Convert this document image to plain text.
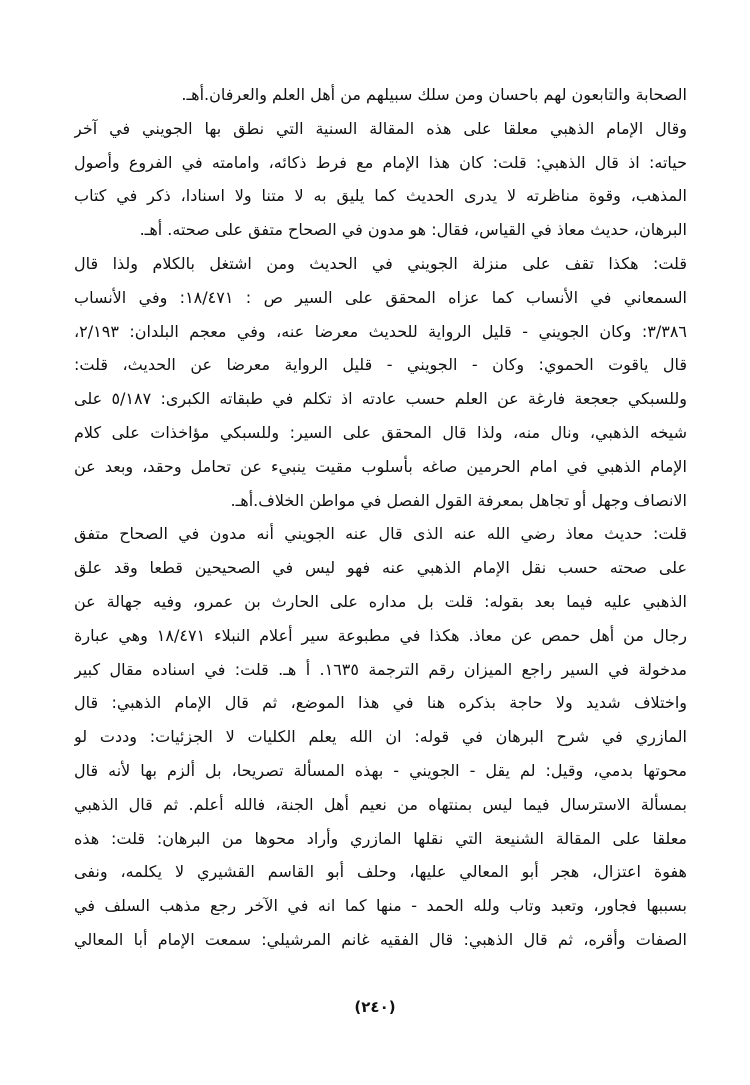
الصحابة والتابعون لهم باحسان ومن سلك سبيلهم من أهل العلم والعرفان.أهـ.
وقال الإمام الذهبي معلقا على هذه المقالة السنية التي نطق بها الجويني في آخر
حياته: اذ قال الذهبي: قلت: كان هذا الإمام مع فرط ذكائه، وامامته في الفروع وأصول
المذهب، وقوة مناظرته لا يدرى الحديث كما يليق به لا متنا ولا اسنادا، ذكر في كتاب
البرهان، حديث معاذ في القياس، فقال: هو مدون في الصحاح متفق على صحته. أهـ.
قلت: هكذا تقف على منزلة الجويني في الحديث ومن اشتغل بالكلام ولذا قال
السمعاني في الأنساب كما عزاه المحقق على السير ص : ١٨/٤٧١: وفي الأنساب
٣/٣٨٦: وكان الجويني - قليل الرواية للحديث معرضا عنه، وفي معجم البلدان: ٢/١٩٣،
قال ياقوت الحموي: وكان - الجويني - قليل الرواية معرضا عن الحديث، قلت:
وللسبكي جعجعة فارغة عن العلم حسب عادته اذ تكلم في طبقاته الكبرى: ٥/١٨٧ على
شيخه الذهبي، ونال منه، ولذا قال المحقق على السير: وللسبكي مؤاخذات على كلام
الإمام الذهبي في امام الحرمين صاغه بأسلوب مقيت ينبيء عن تحامل وحقد، وبعد عن
الانصاف وجهل أو تجاهل بمعرفة القول الفصل في مواطن الخلاف.أهـ.
قلت: حديث معاذ رضي الله عنه الذى قال عنه الجويني أنه مدون في الصحاح متفق
على صحته حسب نقل الإمام الذهبي عنه فهو ليس في الصحيحين قطعا وقد علق
الذهبي عليه فيما بعد بقوله: قلت بل مداره على الحارث بن عمرو، وفيه جهالة عن
رجال من أهل حمص عن معاذ. هكذا في مطبوعة سير أعلام النبلاء ١٨/٤٧١ وهي عبارة
مدخولة في السير راجع الميزان رقم الترجمة ١٦٣٥. أ هـ. قلت: في اسناده مقال كبير
واختلاف شديد ولا حاجة بذكره هنا في هذا الموضع، ثم قال الإمام الذهبي: قال
المازري في شرح البرهان في قوله: ان الله يعلم الكليات لا الجزئيات: وددت لو
محوتها بدمي، وقيل: لم يقل - الجويني - بهذه المسألة تصريحا، بل ألزم بها لأنه قال
بمسألة الاسترسال فيما ليس بمنتهاه من نعيم أهل الجنة، فالله أعلم. ثم قال الذهبي
معلقا على المقالة الشنيعة التي نقلها المازري وأراد محوها من البرهان: قلت: هذه
هفوة اعتزال، هجر أبو المعالي عليها، وحلف أبو القاسم القشيري لا يكلمه، ونفى
بسببها فجاور، وتعبد وتاب ولله الحمد - منها كما انه في الآخر رجع مذهب السلف في
الصفات وأقره، ثم قال الذهبي: قال الفقيه غانم المرشيلي: سمعت الإمام أبا المعالي
(٢٤٠)
